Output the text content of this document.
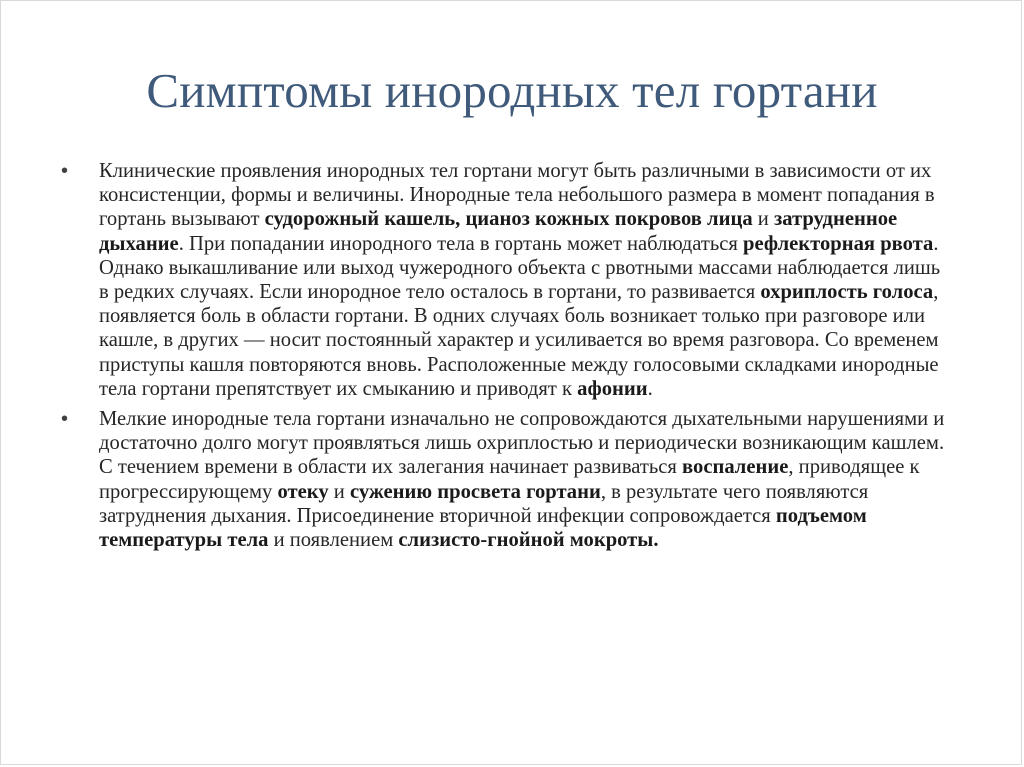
Симптомы инородных тел гортани
•	Клинические проявления инородных тел гортани могут быть различными в зависимости от их консистенции, формы и величины. Инородные тела небольшого размера в момент попадания в гортань вызывают судорожный кашель, цианоз кожных покровов лица и затрудненное дыхание. При попадании инородного тела в гортань может наблюдаться рефлекторная рвота. Однако выкашливание или выход чужеродного объекта с рвотными массами наблюдается лишь в редких случаях. Если инородное тело осталось в гортани, то развивается охриплость голоса, появляется боль в области гортани. В одних случаях боль возникает только при разговоре или кашле, в других — носит постоянный характер и усиливается во время разговора. Со временем приступы кашля повторяются вновь. Расположенные между голосовыми складками инородные тела гортани препятствует их смыканию и приводят к афонии.
•	Мелкие инородные тела гортани изначально не сопровождаются дыхательными нарушениями и достаточно долго могут проявляться лишь охриплостью и периодически возникающим кашлем. С течением времени в области их залегания начинает развиваться воспаление, приводящее к прогрессирующему отеку и сужению просвета гортани, в результате чего появляются затруднения дыхания. Присоединение вторичной инфекции сопровождается подъемом температуры тела и появлением слизисто-гнойной мокроты.
